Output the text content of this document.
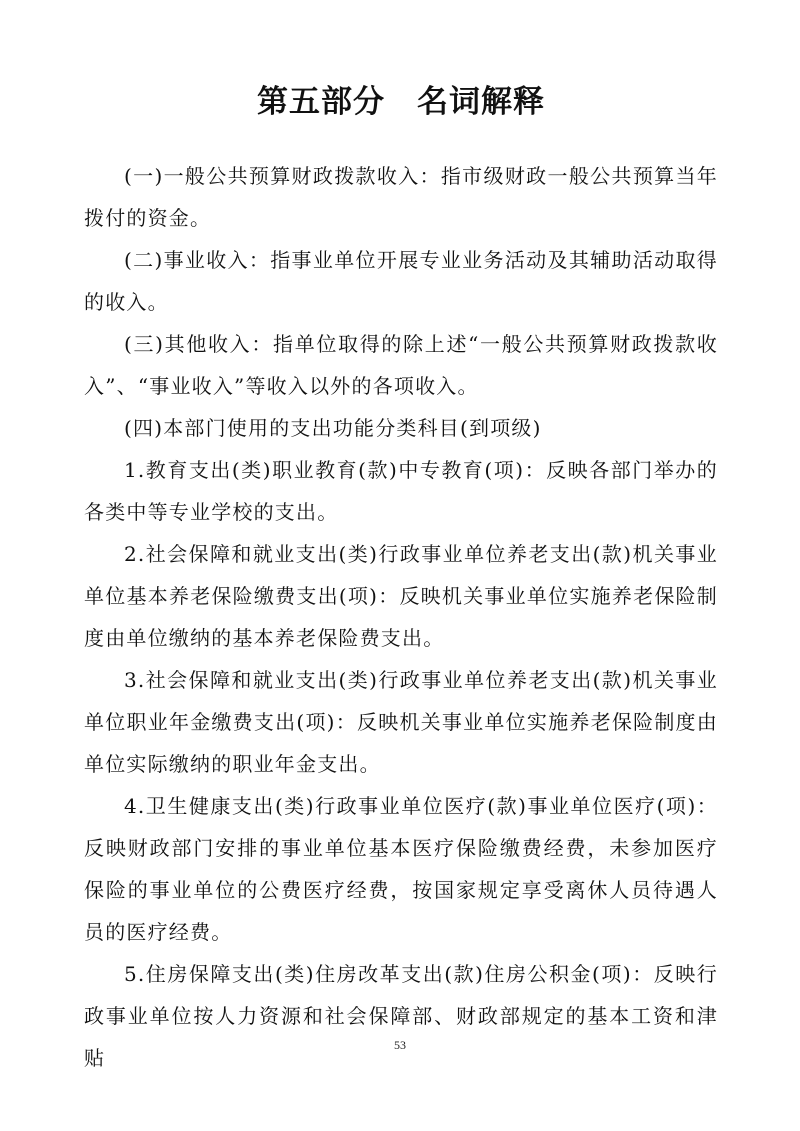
第五部分　名词解释

(一)一般公共预算财政拨款收入：指市级财政一般公共预算当年拨付的资金。

(二)事业收入：指事业单位开展专业业务活动及其辅助活动取得的收入。

(三)其他收入：指单位取得的除上述“一般公共预算财政拨款收入”、“事业收入”等收入以外的各项收入。

(四)本部门使用的支出功能分类科目(到项级)

1.教育支出(类)职业教育(款)中专教育(项)：反映各部门举办的各类中等专业学校的支出。

2.社会保障和就业支出(类)行政事业单位养老支出(款)机关事业单位基本养老保险缴费支出(项)：反映机关事业单位实施养老保险制度由单位缴纳的基本养老保险费支出。

3.社会保障和就业支出(类)行政事业单位养老支出(款)机关事业单位职业年金缴费支出(项)：反映机关事业单位实施养老保险制度由单位实际缴纳的职业年金支出。

4.卫生健康支出(类)行政事业单位医疗(款)事业单位医疗(项)：反映财政部门安排的事业单位基本医疗保险缴费经费，未参加医疗保险的事业单位的公费医疗经费，按国家规定享受离休人员待遇人员的医疗经费。

5.住房保障支出(类)住房改革支出(款)住房公积金(项)：反映行政事业单位按人力资源和社会保障部、财政部规定的基本工资和津贴

53
